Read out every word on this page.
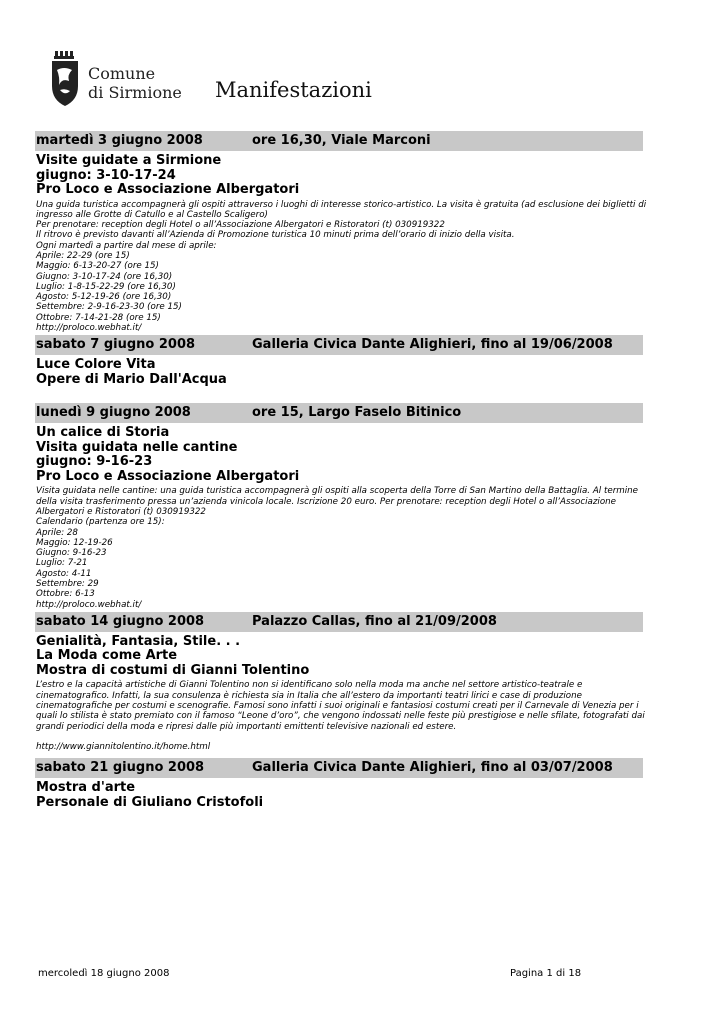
Comune
di Sirmione Manifestazioni
martedì 3 giugno 2008	ore 16,30, Viale Marconi
Visite guidate a Sirmione
giugno: 3-10-17-24
Pro Loco e Associazione Albergatori
Una guida turistica accompagnerà gli ospiti attraverso i luoghi di interesse storico-artistico. La visita è gratuita (ad esclusione dei biglietti di
ingresso alle Grotte di Catullo e al Castello Scaligero)
Per prenotare: reception degli Hotel o all’Associazione Albergatori e Ristoratori (t) 030919322
Il ritrovo è previsto davanti all’Azienda di Promozione turistica 10 minuti prima dell’orario di inizio della visita.
Ogni martedì a partire dal mese di aprile:
Aprile: 22-29 (ore 15)
Maggio: 6-13-20-27 (ore 15)
Giugno: 3-10-17-24 (ore 16,30)
Luglio: 1-8-15-22-29 (ore 16,30)
Agosto: 5-12-19-26 (ore 16,30)
Settembre: 2-9-16-23-30 (ore 15)
Ottobre: 7-14-21-28 (ore 15)
http://proloco.webhat.it/
sabato 7 giugno 2008	Galleria Civica Dante Alighieri, fino al 19/06/2008
Luce Colore Vita
Opere di Mario Dall'Acqua
lunedì 9 giugno 2008	ore 15, Largo Faselo Bitinico
Un calice di Storia
Visita guidata nelle cantine
giugno: 9-16-23
Pro Loco e Associazione Albergatori
Visita guidata nelle cantine: una guida turistica accompagnerà gli ospiti alla scoperta della Torre di San Martino della Battaglia. Al termine
della visita trasferimento pressa un’azienda vinicola locale. Iscrizione 20 euro. Per prenotare: reception degli Hotel o all’Associazione
Albergatori e Ristoratori (t) 030919322
Calendario (partenza ore 15):
Aprile: 28
Maggio: 12-19-26
Giugno: 9-16-23
Luglio: 7-21
Agosto: 4-11
Settembre: 29
Ottobre: 6-13
http://proloco.webhat.it/
sabato 14 giugno 2008	Palazzo Callas, fino al 21/09/2008
Genialità, Fantasia, Stile. . .
La Moda come Arte
Mostra di costumi di Gianni Tolentino
L’estro e la capacità artistiche di Gianni Tolentino non si identificano solo nella moda ma anche nel settore artistico-teatrale e
cinematografico. Infatti, la sua consulenza è richiesta sia in Italia che all’estero da importanti teatri lirici e case di produzione
cinematografiche per costumi e scenografie. Famosi sono infatti i suoi originali e fantasiosi costumi creati per il Carnevale di Venezia per i
quali lo stilista è stato premiato con il famoso “Leone d’oro”, che vengono indossati nelle feste più prestigiose e nelle sfilate, fotografati dai
grandi periodici della moda e ripresi dalle più importanti emittenti televisive nazionali ed estere.
http://www.giannitolentino.it/home.html
sabato 21 giugno 2008	Galleria Civica Dante Alighieri, fino al 03/07/2008
Mostra d'arte
Personale di Giuliano Cristofoli
mercoledì 18 giugno 2008	Pagina 1 di 18
